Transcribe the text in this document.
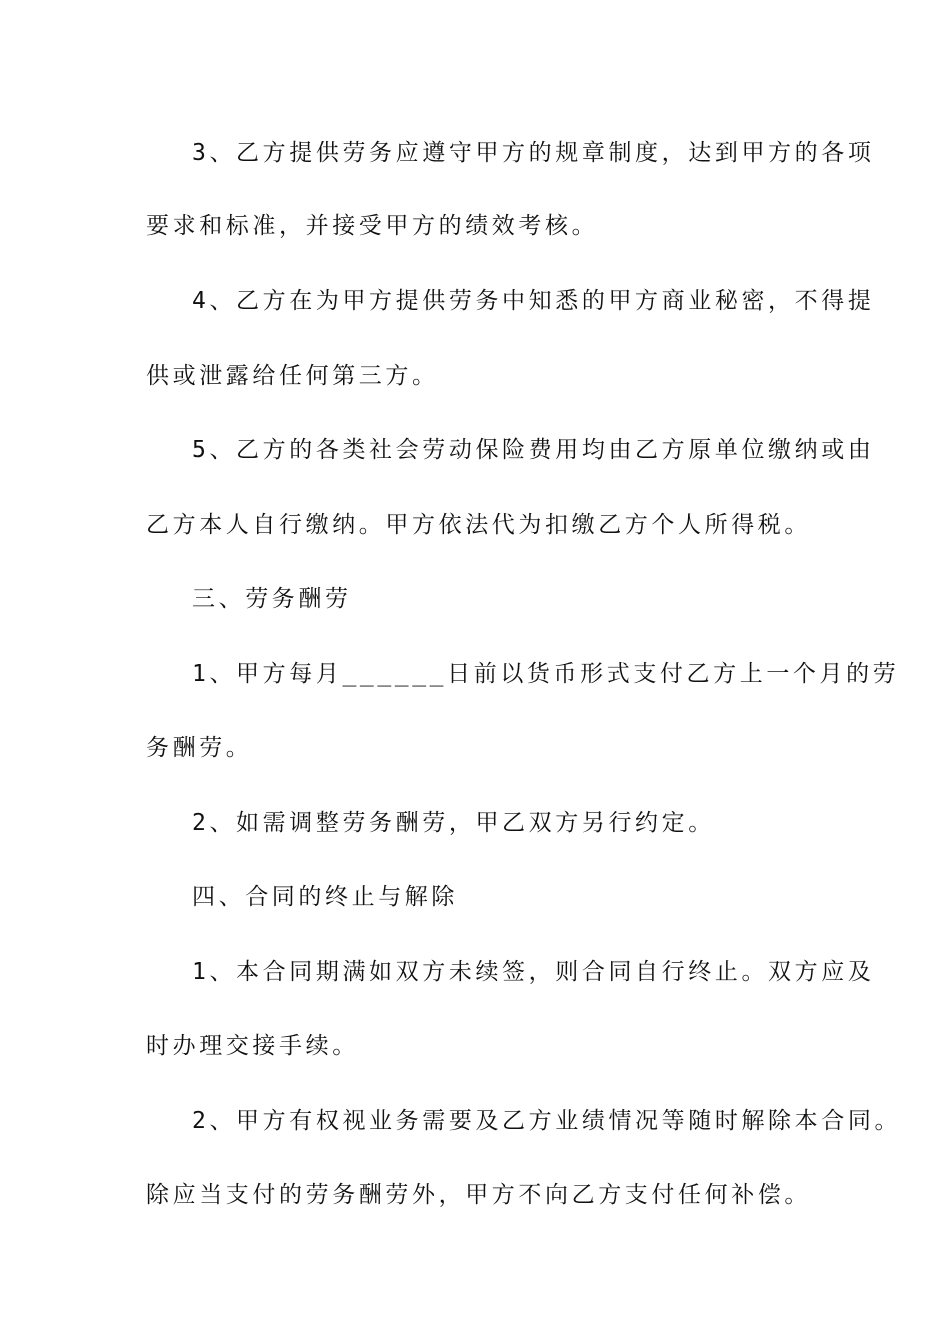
3、乙方提供劳务应遵守甲方的规章制度，达到甲方的各项
要求和标准，并接受甲方的绩效考核。
4、乙方在为甲方提供劳务中知悉的甲方商业秘密，不得提
供或泄露给任何第三方。
5、乙方的各类社会劳动保险费用均由乙方原单位缴纳或由
乙方本人自行缴纳。甲方依法代为扣缴乙方个人所得税。
三、劳务酬劳
1、甲方每月______日前以货币形式支付乙方上一个月的劳
务酬劳。
2、如需调整劳务酬劳，甲乙双方另行约定。
四、合同的终止与解除
1、本合同期满如双方未续签，则合同自行终止。双方应及
时办理交接手续。
2、甲方有权视业务需要及乙方业绩情况等随时解除本合同。
除应当支付的劳务酬劳外，甲方不向乙方支付任何补偿。
